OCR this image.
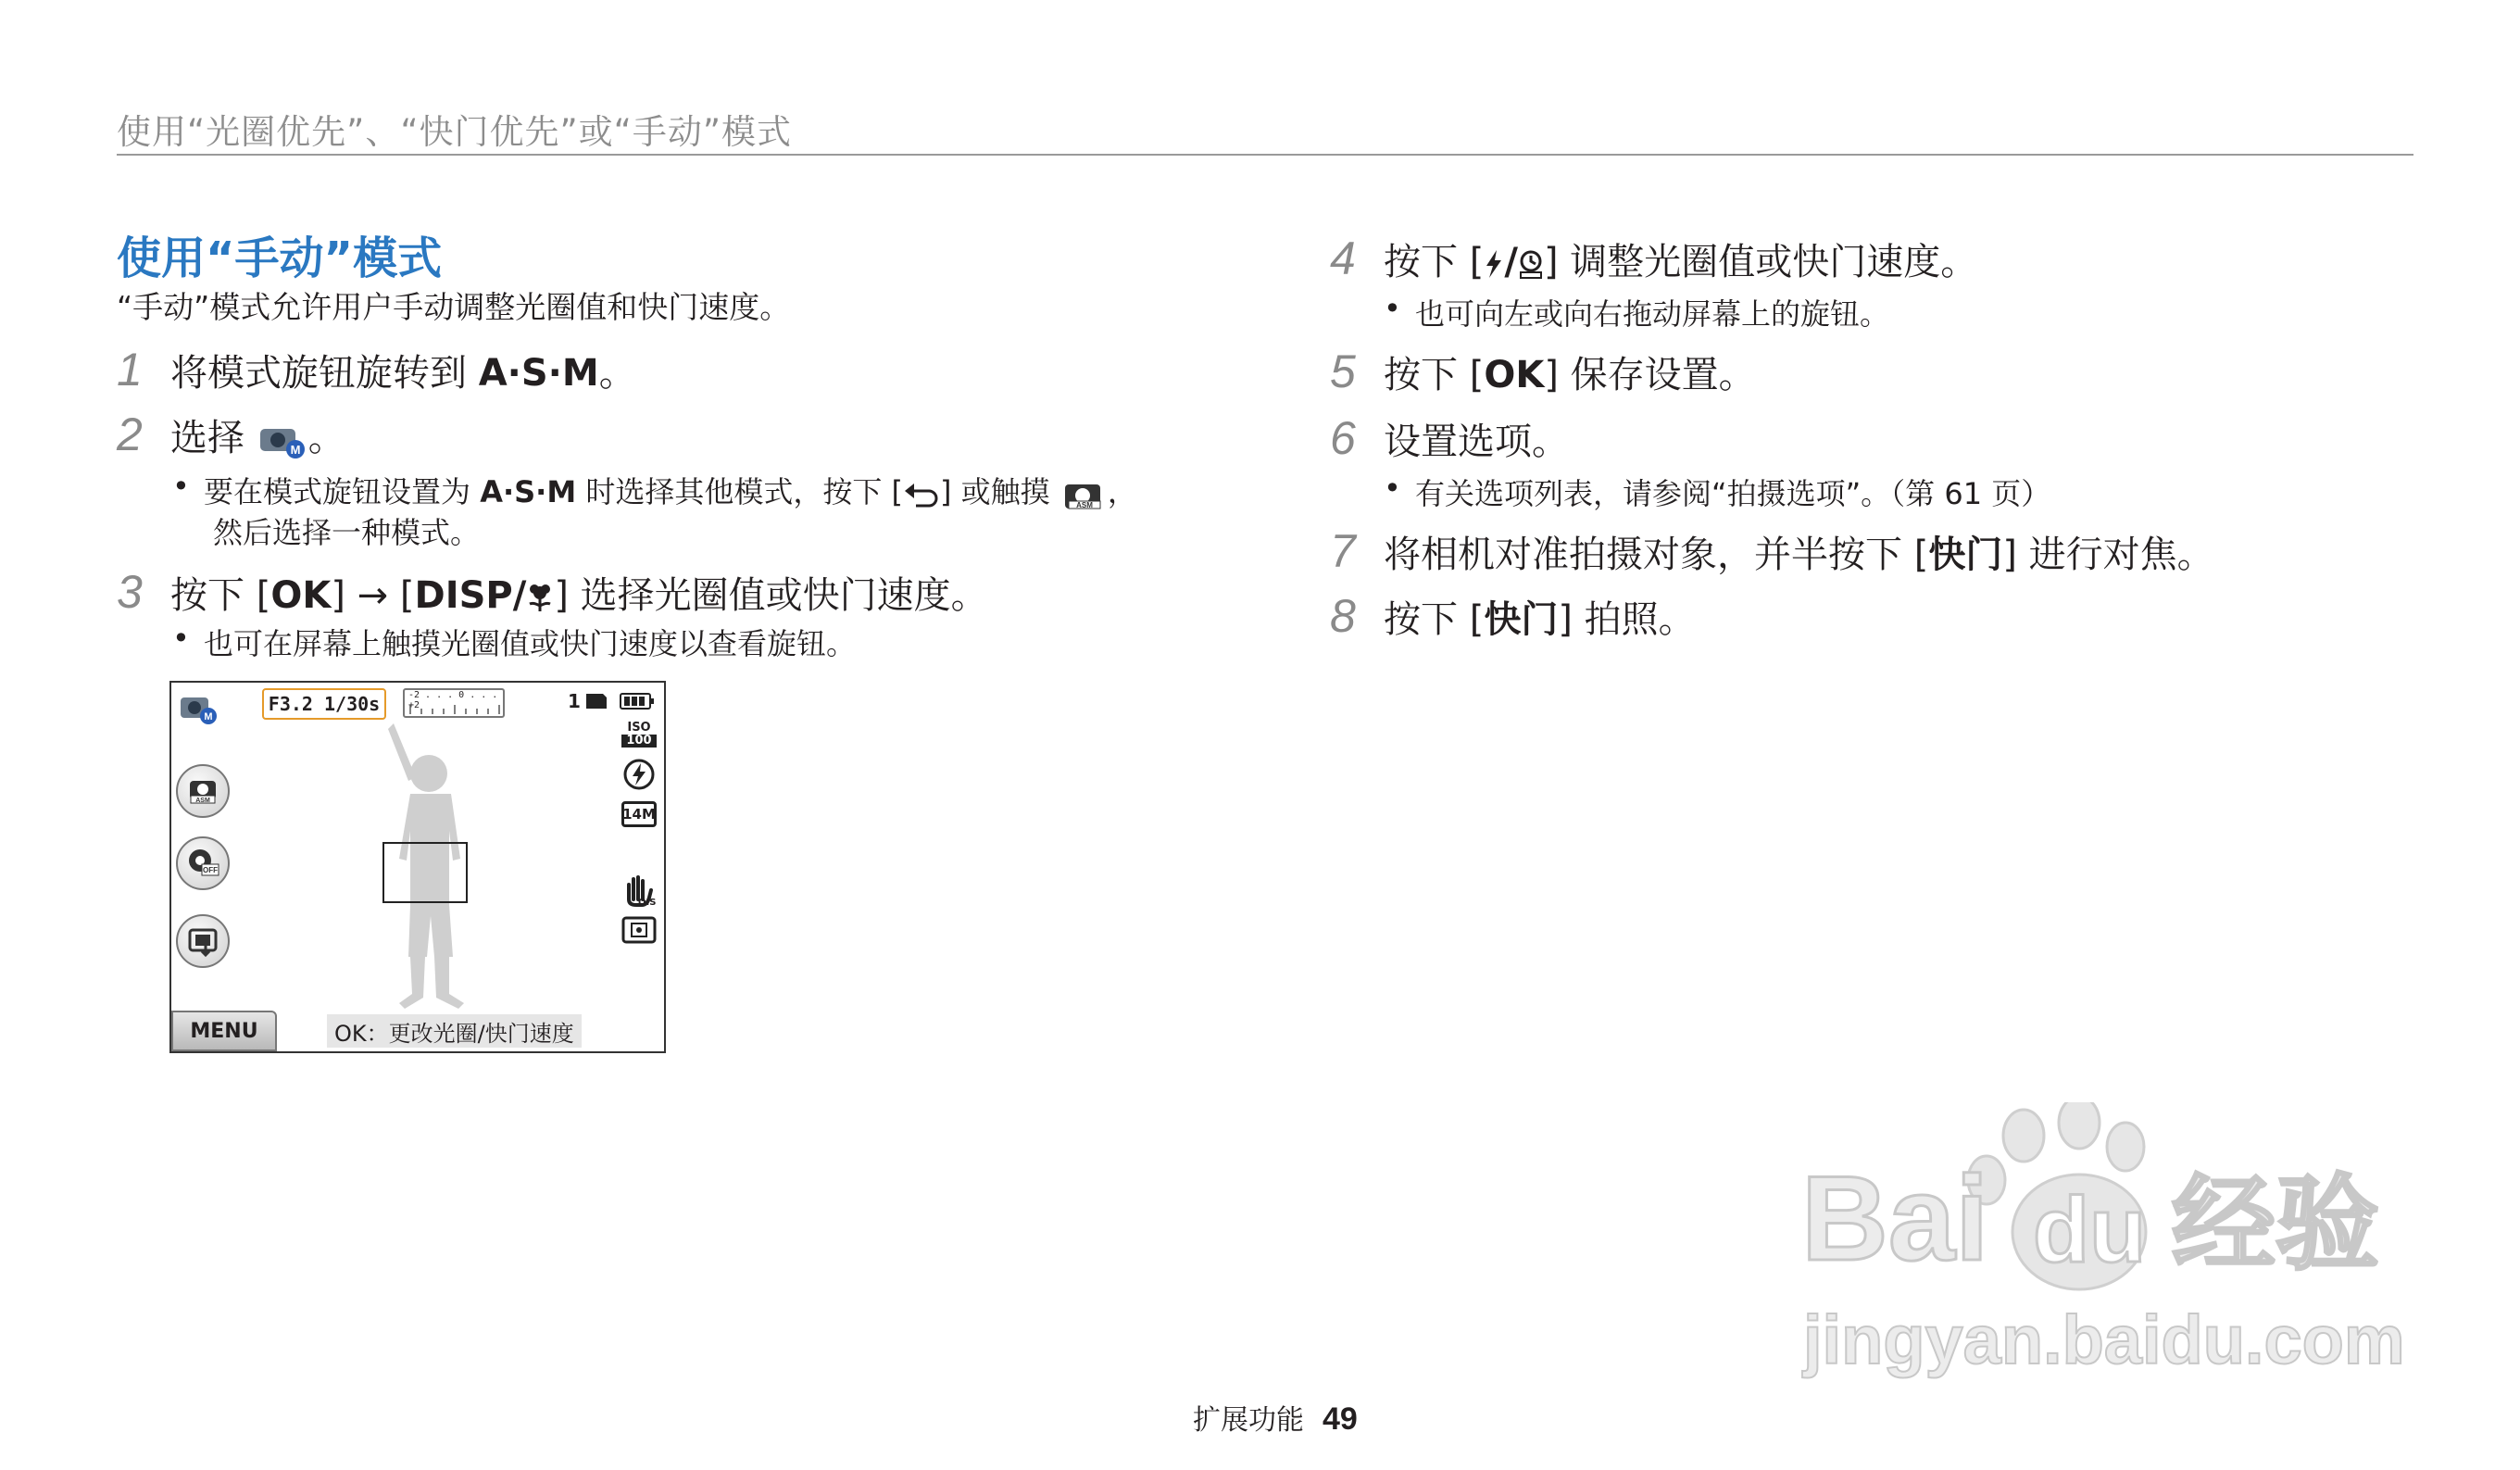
使用“光圈优先”、“快门优先”或“手动”模式
使用“手动”模式
“手动”模式允许用户手动调整光圈值和快门速度。
1 将模式旋钮旋转到 A·S·M。
2 选择	M 。
• 要在模式旋钮设置为 A·S·M 时选择其他模式，按下 [ ] 或触摸 ASM ，
然后选择一种模式。
3 按下 [OK] → [DISP/ ] 选择光圈值或快门速度。
• 也可在屏幕上触摸光圈值或快门速度以查看旋钮。
M
F3.2 1/30s	-2 . . . 0 . . . +2	1
ISO
100
14M
OIS
ASM
OFF
MENU	OK：更改光圈/快门速度
4 按下 [ / ] 调整光圈值或快门速度。
• 也可向左或向右拖动屏幕上的旋钮。
5 按下 [OK] 保存设置。
6 设置选项。
• 有关选项列表，请参阅“拍摄选项”。（第 61 页）
7 将相机对准拍摄对象，并半按下 [快门] 进行对焦。
8 按下 [快门] 拍照。
Bai du 经验
jingyan.baidu.com
扩展功能 49
